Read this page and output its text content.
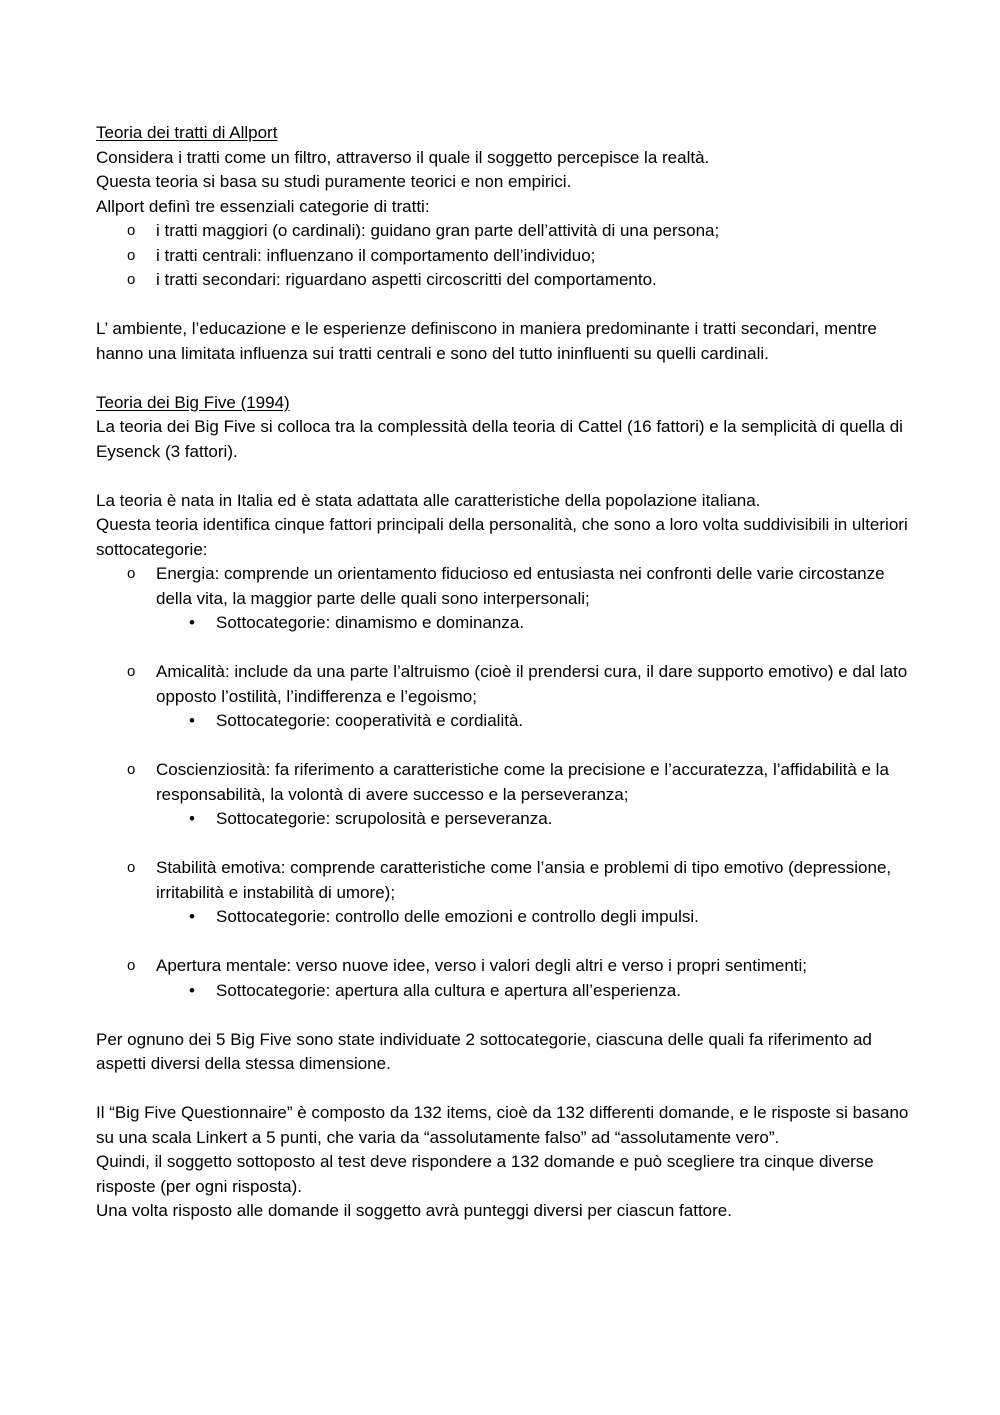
Teoria dei tratti di Allport

Considera i tratti come un filtro, attraverso il quale il soggetto percepisce la realtà.

Questa teoria si basa su studi puramente teorici e non empirici.

Allport definì tre essenziali categorie di tratti:

o i tratti maggiori (o cardinali): guidano gran parte dell’attività di una persona;
o i tratti centrali: influenzano il comportamento dell’individuo;
o i tratti secondari: riguardano aspetti circoscritti del comportamento.

L’ ambiente, l’educazione e le esperienze definiscono in maniera predominante i tratti secondari, mentre hanno una limitata influenza sui tratti centrali e sono del tutto ininfluenti su quelli cardinali.

Teoria dei Big Five (1994)

La teoria dei Big Five si colloca tra la complessità della teoria di Cattel (16 fattori) e la semplicità di quella di Eysenck (3 fattori).

La teoria è nata in Italia ed è stata adattata alle caratteristiche della popolazione italiana.

Questa teoria identifica cinque fattori principali della personalità, che sono a loro volta suddivisibili in ulteriori sottocategorie:

o Energia: comprende un orientamento fiducioso ed entusiasta nei confronti delle varie circostanze della vita, la maggior parte delle quali sono interpersonali;
• Sottocategorie: dinamismo e dominanza.
o Amicalità: include da una parte l’altruismo (cioè il prendersi cura, il dare supporto emotivo) e dal lato opposto l’ostilità, l’indifferenza e l’egoismo;
• Sottocategorie: cooperatività e cordialità.
o Coscienziosità: fa riferimento a caratteristiche come la precisione e l’accuratezza, l’affidabilità e la responsabilità, la volontà di avere successo e la perseveranza;
• Sottocategorie: scrupolosità e perseveranza.
o Stabilità emotiva: comprende caratteristiche come l’ansia e problemi di tipo emotivo (depressione, irritabilità e instabilità di umore);
• Sottocategorie: controllo delle emozioni e controllo degli impulsi.
o Apertura mentale: verso nuove idee, verso i valori degli altri e verso i propri sentimenti;
• Sottocategorie: apertura alla cultura e apertura all’esperienza.

Per ognuno dei 5 Big Five sono state individuate 2 sottocategorie, ciascuna delle quali fa riferimento ad aspetti diversi della stessa dimensione.

Il “Big Five Questionnaire” è composto da 132 items, cioè da 132 differenti domande, e le risposte si basano su una scala Linkert a 5 punti, che varia da “assolutamente falso” ad “assolutamente vero”.

Quindi, il soggetto sottoposto al test deve rispondere a 132 domande e può scegliere tra cinque diverse risposte (per ogni risposta).

Una volta risposto alle domande il soggetto avrà punteggi diversi per ciascun fattore.
